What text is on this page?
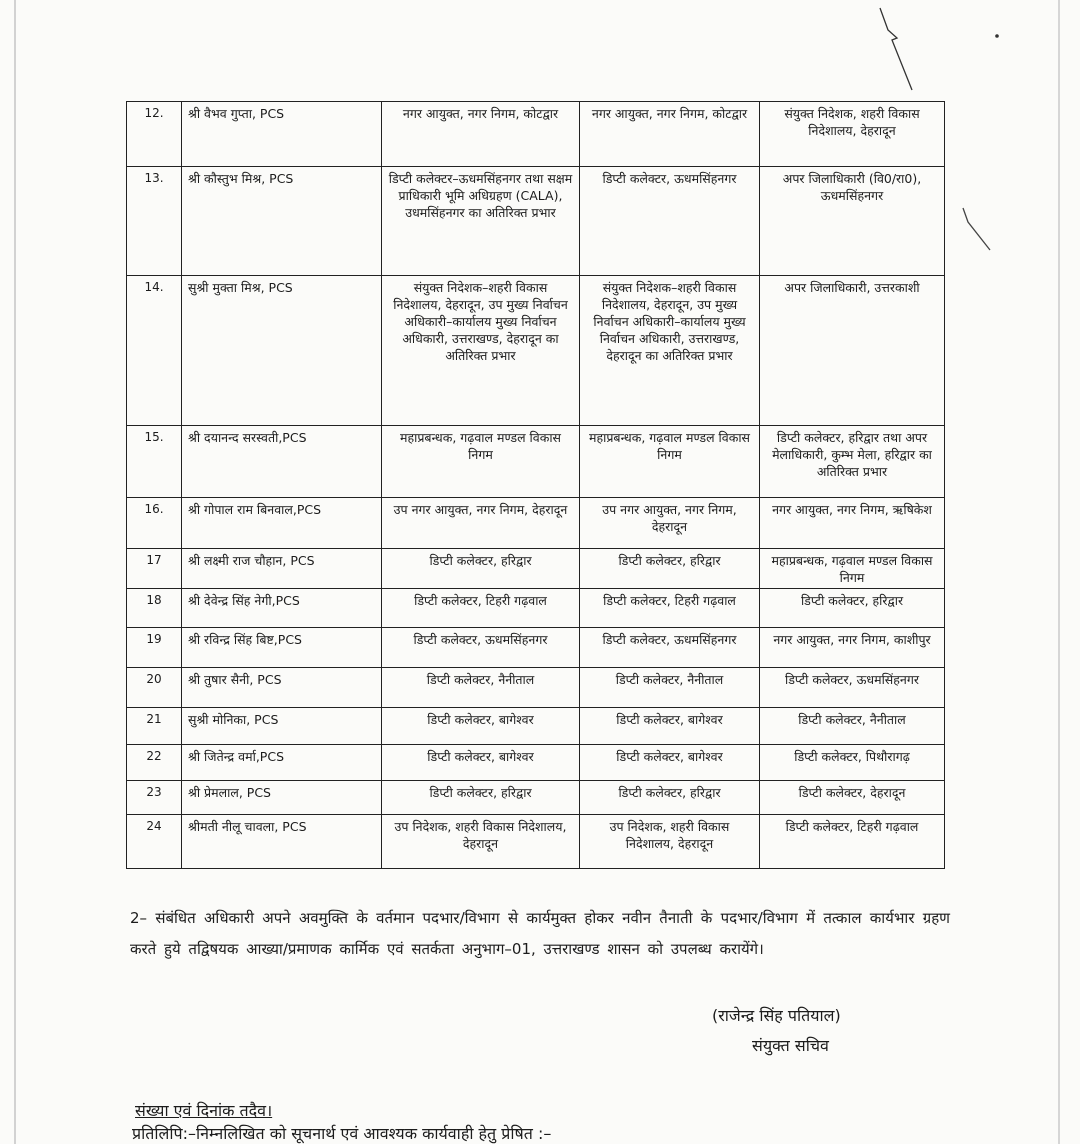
12.	श्री वैभव गुप्ता, PCS	नगर आयुक्त, नगर निगम, कोटद्वार	नगर आयुक्त, नगर निगम, कोटद्वार	संयुक्त निदेशक, शहरी विकास निदेशालय, देहरादून
13.	श्री कौस्तुभ मिश्र, PCS	डिप्टी कलेक्टर–ऊधमसिंहनगर तथा सक्षम प्राधिकारी भूमि अधिग्रहण (CALA), उधमसिंहनगर का अतिरिक्त प्रभार	डिप्टी कलेक्टर, ऊधमसिंहनगर	अपर जिलाधिकारी (वि0/रा0), ऊधमसिंहनगर
14.	सुश्री मुक्ता मिश्र, PCS	संयुक्त निदेशक–शहरी विकास निदेशालय, देहरादून, उप मुख्य निर्वाचन अधिकारी–कार्यालय मुख्य निर्वाचन अधिकारी, उत्तराखण्ड, देहरादून का अतिरिक्त प्रभार	संयुक्त निदेशक–शहरी विकास निदेशालय, देहरादून, उप मुख्य निर्वाचन अधिकारी–कार्यालय मुख्य निर्वाचन अधिकारी, उत्तराखण्ड, देहरादून का अतिरिक्त प्रभार	अपर जिलाधिकारी, उत्तरकाशी
15.	श्री दयानन्द सरस्वती,PCS	महाप्रबन्धक, गढ़वाल मण्डल विकास निगम	महाप्रबन्धक, गढ़वाल मण्डल विकास निगम	डिप्टी कलेक्टर, हरिद्वार तथा अपर मेलाधिकारी, कुम्भ मेला, हरिद्वार का अतिरिक्त प्रभार
16.	श्री गोपाल राम बिनवाल,PCS	उप नगर आयुक्त, नगर निगम, देहरादून	उप नगर आयुक्त, नगर निगम, देहरादून	नगर आयुक्त, नगर निगम, ऋषिकेश
17	श्री लक्ष्मी राज चौहान, PCS	डिप्टी कलेक्टर, हरिद्वार	डिप्टी कलेक्टर, हरिद्वार	महाप्रबन्धक, गढ़वाल मण्डल विकास निगम
18	श्री देवेन्द्र सिंह नेगी,PCS	डिप्टी कलेक्टर, टिहरी गढ़वाल	डिप्टी कलेक्टर, टिहरी गढ़वाल	डिप्टी कलेक्टर, हरिद्वार
19	श्री रविन्द्र सिंह बिष्ट,PCS	डिप्टी कलेक्टर, ऊधमसिंहनगर	डिप्टी कलेक्टर, ऊधमसिंहनगर	नगर आयुक्त, नगर निगम, काशीपुर
20	श्री तुषार सैनी, PCS	डिप्टी कलेक्टर, नैनीताल	डिप्टी कलेक्टर, नैनीताल	डिप्टी कलेक्टर, ऊधमसिंहनगर
21	सुश्री मोनिका, PCS	डिप्टी कलेक्टर, बागेश्वर	डिप्टी कलेक्टर, बागेश्वर	डिप्टी कलेक्टर, नैनीताल
22	श्री जितेन्द्र वर्मा,PCS	डिप्टी कलेक्टर, बागेश्वर	डिप्टी कलेक्टर, बागेश्वर	डिप्टी कलेक्टर, पिथौरागढ़
23	श्री प्रेमलाल, PCS	डिप्टी कलेक्टर, हरिद्वार	डिप्टी कलेक्टर, हरिद्वार	डिप्टी कलेक्टर, देहरादून
24	श्रीमती नीलू चावला, PCS	उप निदेशक, शहरी विकास निदेशालय, देहरादून	उप निदेशक, शहरी विकास निदेशालय, देहरादून	डिप्टी कलेक्टर, टिहरी गढ़वाल
2– संबंधित अधिकारी अपने अवमुक्ति के वर्तमान पदभार/विभाग से कार्यमुक्त होकर नवीन तैनाती के पदभार/विभाग में तत्काल कार्यभार ग्रहण करते हुये तद्विषयक आख्या/प्रमाणक कार्मिक एवं सतर्कता अनुभाग–01, उत्तराखण्ड शासन को उपलब्ध करायेंगे।
(राजेन्द्र सिंह पतियाल)
संयुक्त सचिव
संख्या एवं दिनांक तदैव।
प्रतिलिपि:–निम्नलिखित को सूचनार्थ एवं आवश्यक कार्यवाही हेतु प्रेषित :–
